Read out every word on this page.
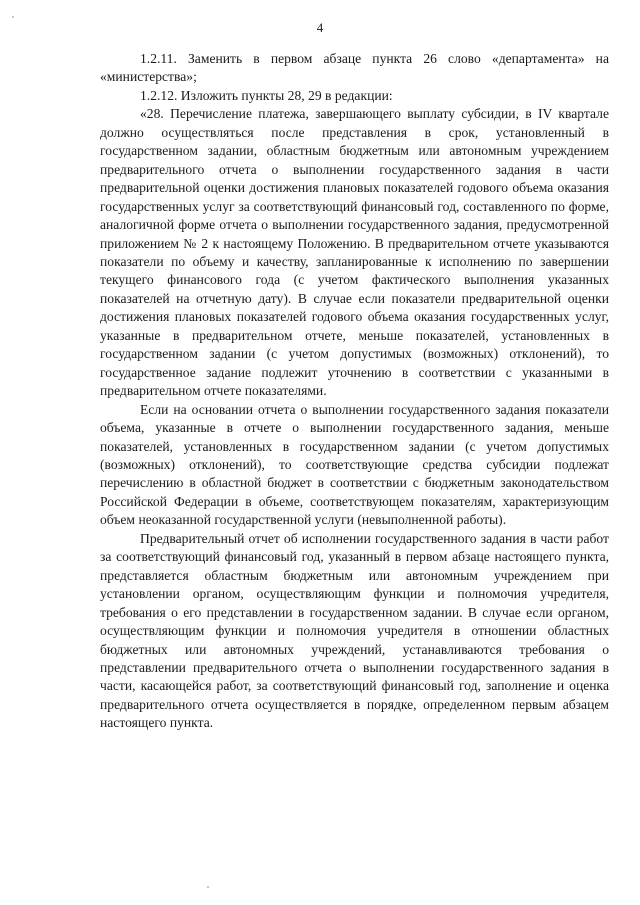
4

1.2.11. Заменить в первом абзаце пункта 26 слово «департамента» на «министерства»;

1.2.12. Изложить пункты 28, 29 в редакции:

«28. Перечисление платежа, завершающего выплату субсидии, в IV квартале должно осуществляться после представления в срок, установленный в государственном задании, областным бюджетным или автономным учреждением предварительного отчета о выполнении государственного задания в части предварительной оценки достижения плановых показателей годового объема оказания государственных услуг за соответствующий финансовый год, составленного по форме, аналогичной форме отчета о выполнении государственного задания, предусмотренной приложением № 2 к настоящему Положению. В предварительном отчете указываются показатели по объему и качеству, запланированные к исполнению по завершении текущего финансового года (с учетом фактического выполнения указанных показателей на отчетную дату). В случае если показатели предварительной оценки достижения плановых показателей годового объема оказания государственных услуг, указанные в предварительном отчете, меньше показателей, установленных в государственном задании (с учетом допустимых (возможных) отклонений), то государственное задание подлежит уточнению в соответствии с указанными в предварительном отчете показателями.

Если на основании отчета о выполнении государственного задания показатели объема, указанные в отчете о выполнении государственного задания, меньше показателей, установленных в государственном задании (с учетом допустимых (возможных) отклонений), то соответствующие средства субсидии подлежат перечислению в областной бюджет в соответствии с бюджетным законодательством Российской Федерации в объеме, соответствующем показателям, характеризующим объем неоказанной государственной услуги (невыполненной работы).

Предварительный отчет об исполнении государственного задания в части работ за соответствующий финансовый год, указанный в первом абзаце настоящего пункта, представляется областным бюджетным или автономным учреждением при установлении органом, осуществляющим функции и полномочия учредителя, требования о его представлении в государственном задании. В случае если органом, осуществляющим функции и полномочия учредителя в отношении областных бюджетных или автономных учреждений, устанавливаются требования о представлении предварительного отчета о выполнении государственного задания в части, касающейся работ, за соответствующий финансовый год, заполнение и оценка предварительного отчета осуществляется в порядке, определенном первым абзацем настоящего пункта.
